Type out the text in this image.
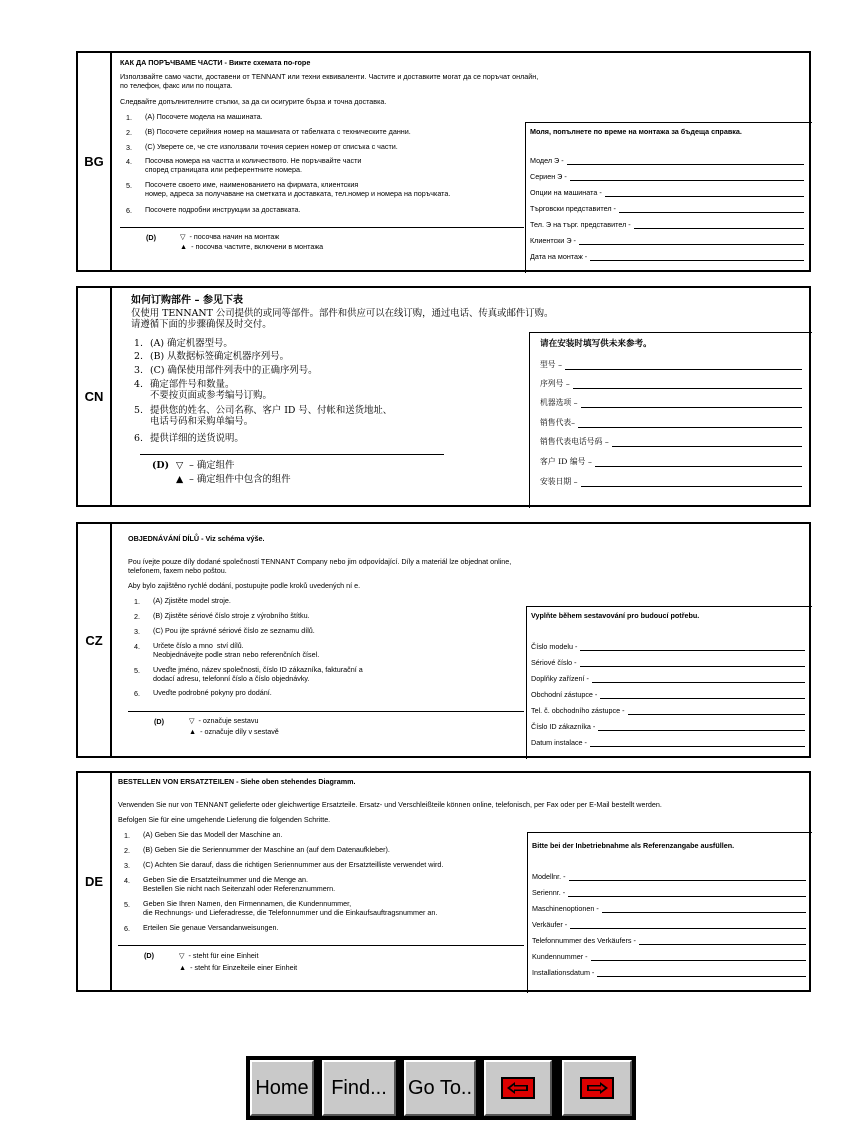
BG
КАК ДА ПОРЪЧВАМЕ ЧАСТИ - Вижте схемата по-горе
Използвайте само части, доставени от TENNANT или техни еквиваленти. Частите и доставките могат да се поръчат онлайн,
по телефон, факс или по пощата.
Следвайте допълнителните стъпки, за да си осигурите бърза и точна доставка.
1. (A) Посочете модела на машината.
2. (B) Посочете серийния номер на машината от табелката с техническите данни.
3. (C) Уверете се, че сте използвали точния сериен номер от списъка с части.
4. Посочва номера на частта и количеството. Не поръчвайте части
според страницата или референтните номера.
5. Посочете своето име, наименованието на фирмата, клиентския
номер, адреса за получаване на сметката и доставката, тел.номер и номера на поръчката.
6. Посочете подробни инструкции за доставката.
(D)	▽  - посочва начин на монтаж
▲  - посочва частите, включени в монтажа
Моля, попълнете по време на монтажа за бъдеща справка.
Модел Э -
Сериен Э -
Опции на машината -
Търговски представител -
Тел. Э на търг. представител -
Клиентски Э -
Дата на монтаж -
CN
如何订购部件 – 参见下表
仅使用 TENNANT 公司提供的或同等部件。部件和供应可以在线订购，通过电话、传真或邮件订购。
请遵循下面的步骤确保及时交付。
1. (A) 确定机器型号。
2. (B) 从数据标签确定机器序列号。
3. (C) 确保使用部件列表中的正确序列号。
4. 确定部件号和数量。
不要按页面或参考编号订购。
5. 提供您的姓名、公司名称、客户 ID 号、付帐和送货地址、
电话号码和采购单编号。
6. 提供详细的送货说明。
(D) ▽  – 确定组件
▲  – 确定组件中包含的组件
请在安装时填写供未来参考。
型号 –
序列号 –
机器选项 –
销售代表–
销售代表电话号码 –
客户 ID 编号 –
安装日期 –
CZ
OBJEDNÁVÁNÍ DÍLŮ - Viz schéma výše.
Pou ívejte pouze díly dodané společností TENNANT Company nebo jim odpovídající. Díly a materiál lze objednat online,
telefonem, faxem nebo poštou.
Aby bylo zajištěno rychlé dodání, postupujte podle kroků uvedených ní e.
1. (A) Zjistěte model stroje.
2. (B) Zjistěte sériové číslo stroje z výrobního štítku.
3. (C) Pou ijte správné sériové číslo ze seznamu dílů.
4. Určete číslo a mno  ství dílů.
Neobjednávejte podle stran nebo referenčních čísel.
5. Uveďte jméno, název společnosti, číslo ID zákazníka, fakturační a
dodací adresu, telefonní číslo a číslo objednávky.
6. Uveďte podrobné pokyny pro dodání.
(D)	▽  - označuje sestavu
▲  - označuje díly v sestavě
Vyplňte během sestavování pro budoucí potřebu.
Číslo modelu -
Sériové číslo -
Doplňky zařízení -
Obchodní zástupce -
Tel. č. obchodního zástupce -
Číslo ID zákazníka -
Datum instalace -
DE
BESTELLEN VON ERSATZTEILEN - Siehe oben stehendes Diagramm.
Verwenden Sie nur von TENNANT gelieferte oder gleichwertige Ersatzteile. Ersatz- und Verschleißteile können online, telefonisch, per Fax oder per E-Mail bestellt werden.
Befolgen Sie für eine umgehende Lieferung die folgenden Schritte.
1. (A) Geben Sie das Modell der Maschine an.
2. (B) Geben Sie die Seriennummer der Maschine an (auf dem Datenaufkleber).
3. (C) Achten Sie darauf, dass die richtigen Seriennummer aus der Ersatzteilliste verwendet wird.
4. Geben Sie die Ersatzteilnummer und die Menge an.
Bestellen Sie nicht nach Seitenzahl oder Referenznummern.
5. Geben Sie Ihren Namen, den Firmennamen, die Kundennummer,
die Rechnungs- und Lieferadresse, die Telefonnummer und die Einkaufsauftragsnummer an.
6. Erteilen Sie genaue Versandanweisungen.
(D)	▽  - steht für eine Einheit
▲  - steht für Einzelteile einer Einheit
Bitte bei der Inbetriebnahme als Referenzangabe ausfüllen.
Modellnr. -
Seriennr. -
Maschinenoptionen -
Verkäufer -
Telefonnummer des Verkäufers -
Kundennummer -
Installationsdatum -
Home	Find...	Go To..
